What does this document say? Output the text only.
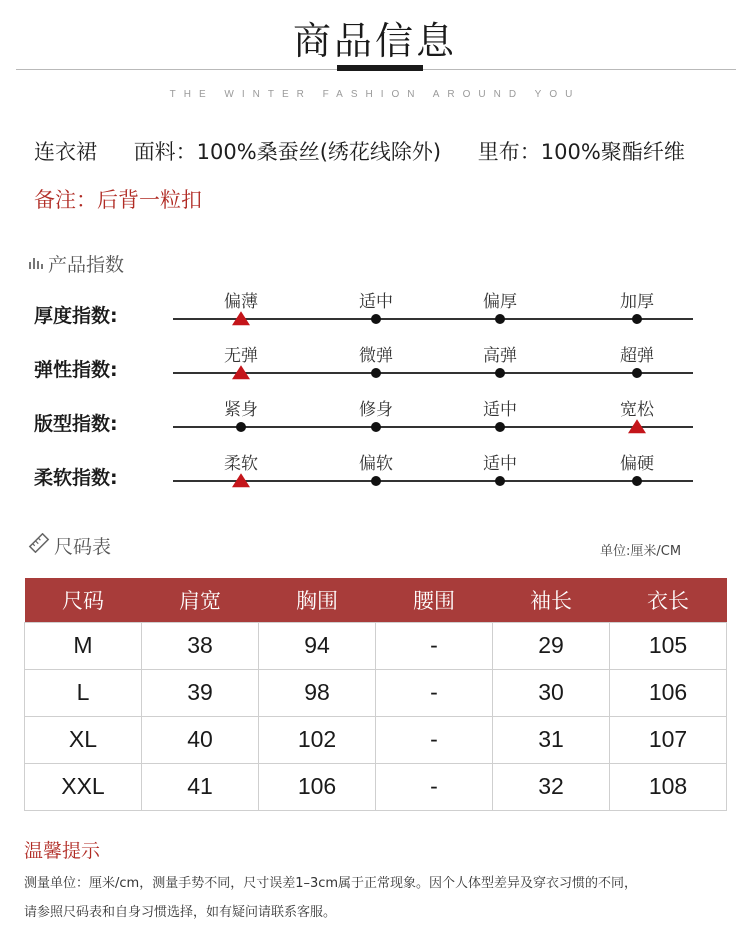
商品信息
THE WINTER FASHION AROUND YOU
连衣裙 面料：100%桑蚕丝(绣花线除外) 里布：100%聚酯纤维
备注：后背一粒扣
产品指数
厚度指数:
偏薄	适中	偏厚	加厚
弹性指数:
无弹	微弹	高弹	超弹
版型指数:
紧身	修身	适中	宽松
柔软指数:
柔软	偏软	适中	偏硬
尺码表	单位:厘米/CM
尺码	肩宽	胸围	腰围	袖长	衣长
M	38	94	-	29	105
L	39	98	-	30	106
XL	40	102	-	31	107
XXL	41	106	-	32	108
温馨提示
测量单位：厘米/cm，测量手势不同，尺寸误差1–3cm属于正常现象。因个人体型差异及穿衣习惯的不同，
请参照尺码表和自身习惯选择，如有疑问请联系客服。
